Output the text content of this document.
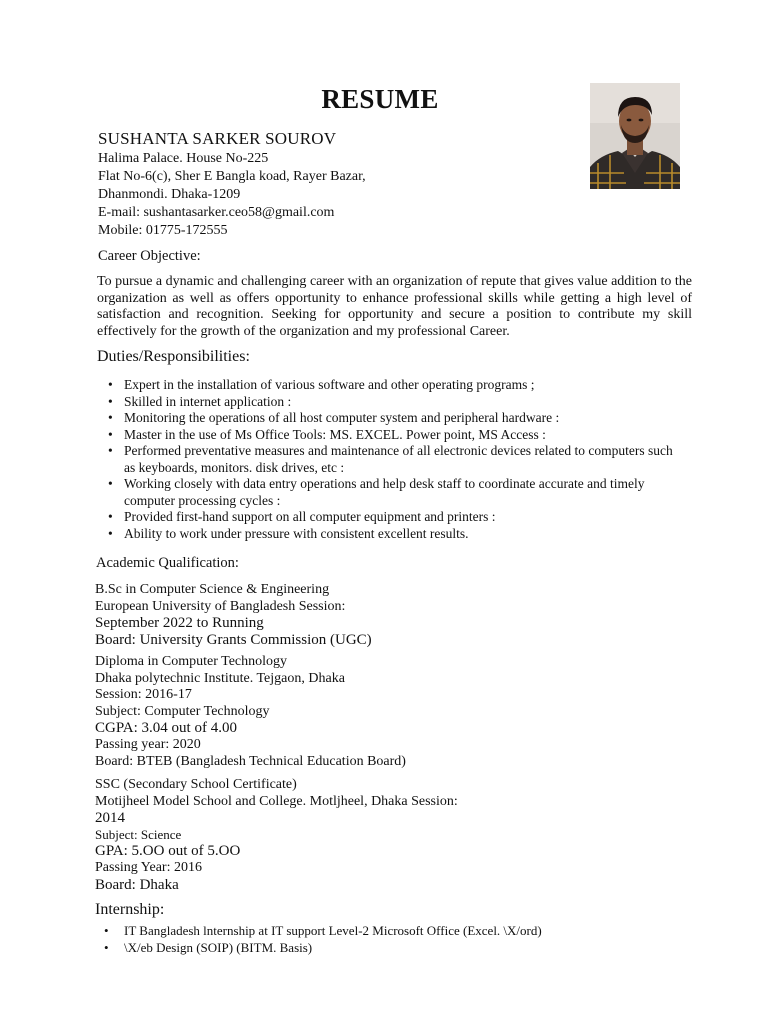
RESUME
SUSHANTA SARKER SOUROV
Halima Palace. House No-225
Flat No-6(c), Sher E Bangla koad, Rayer Bazar,
Dhanmondi. Dhaka-1209
E-mail: sushantasarker.ceo58@gmail.com
Mobile: 01775-172555
Career Objective:
To pursue a dynamic and challenging career with an organization of repute that gives value addition to the organization as well as offers opportunity to enhance professional skills while getting a high level of satisfaction and recognition. Seeking for opportunity and secure a position to contribute my skill effectively for the growth of the organization and my professional Career.
Duties/Responsibilities:
• Expert in the installation of various software and other operating programs ;
• Skilled in internet application :
• Monitoring the operations of all host computer system and peripheral hardware :
• Master in the use of Ms Office Tools: MS. EXCEL. Power point, MS Access :
• Performed preventative measures and maintenance of all electronic devices related to computers such as keyboards, monitors. disk drives, etc :
• Working closely with data entry operations and help desk staff to coordinate accurate and timely computer processing cycles :
• Provided first-hand support on all computer equipment and printers :
• Ability to work under pressure with consistent excellent results.
Academic Qualification:
B.Sc in Computer Science & Engineering
European University of Bangladesh Session:
September 2022 to Running
Board: University Grants Commission (UGC)
Diploma in Computer Technology
Dhaka polytechnic Institute. Tejgaon, Dhaka
Session: 2016-17
Subject: Computer Technology
CGPA: 3.04 out of 4.00
Passing year: 2020
Board: BTEB (Bangladesh Technical Education Board)
SSC (Secondary School Certificate)
Motijheel Model School and College. Motljheel, Dhaka Session:
2014
Subject: Science
GPA: 5.OO out of 5.OO
Passing Year: 2016
Board: Dhaka
Internship:
• IT Bangladesh lnternship at IT support Level-2 Microsoft Office (Excel. \X/ord)
• \X/eb Design (SOIP) (BITM. Basis)
